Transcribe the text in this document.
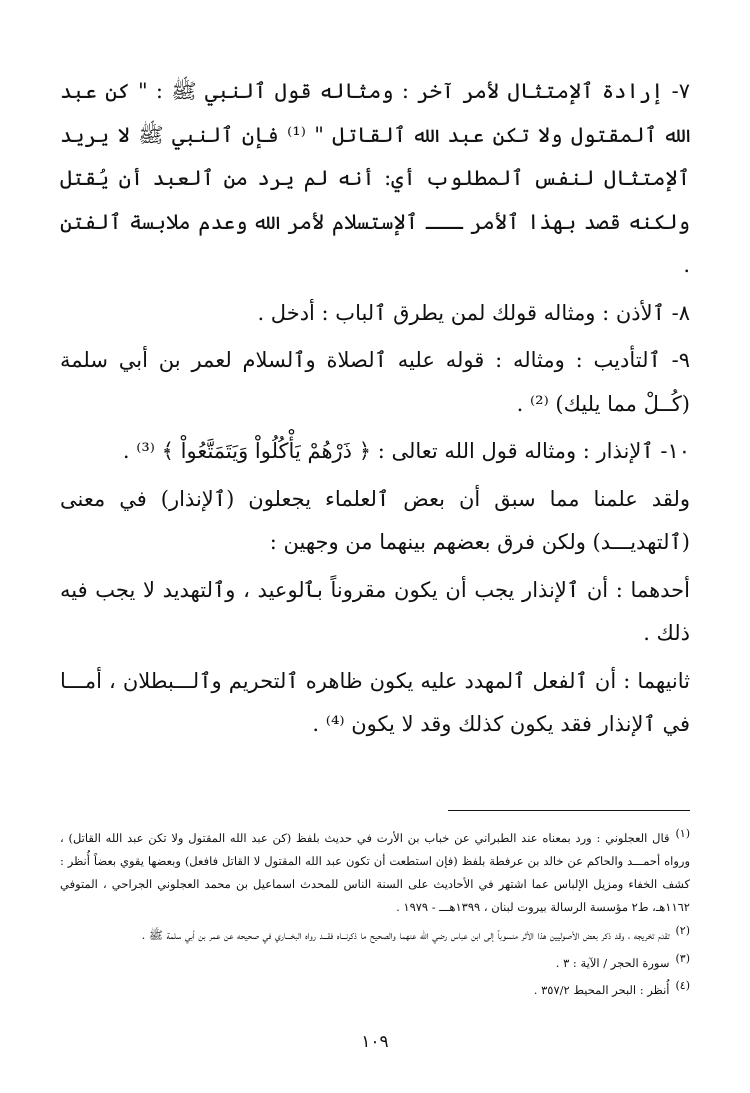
٧- إرادة ٱلإمتثال لأمر آخر : ومثاله قول ٱلنبي ﷺ : " كن عبد الله ٱلمقتول ولا تكن عبد الله ٱلقاتل " ⁽¹⁾ فإن ٱلنبي ﷺ لا يريد ٱلإمتثال لنفس ٱلمطلوب أي: أنه لم يرد من ٱلعبد أن يُقتل ولكنه قصد بهذا ٱلأمر ـــ ٱلإستسلام لأمر الله وعدم ملابسة ٱلفتن .

٨- ٱلأذن : ومثاله قولك لمن يطرق ٱلباب : أدخل .

٩- ٱلتأديب : ومثاله : قوله عليه ٱلصلاة وٱلسلام لعمر بن أبي سلمة (كُــلْ مما يليك) ⁽²⁾ .

١٠- ٱلإنذار : ومثاله قول الله تعالى : ﴿ ذَرْهُمْ يَأْكُلُواْ وَيَتَمَتَّعُواْ ﴾ ⁽³⁾ .

ولقد علمنا مما سبق أن بعض ٱلعلماء يجعلون (ٱلإنذار) في معنى (ٱلتهديـــد) ولكن فرق بعضهم بينهما من وجهين :

أحدهما : أن ٱلإنذار يجب أن يكون مقروناً بٱلوعيد ، وٱلتهديد لا يجب فيه ذلك .

ثانيهما : أن ٱلفعل ٱلمهدد عليه يكون ظاهره ٱلتحريم وٱلـــبطلان ، أمـــا في ٱلإنذار فقد يكون كذلك وقد لا يكون ⁽⁴⁾ .

(١)قال العجلوني : ورد بمعناه عند الطبراني عن خباب بن الأرت في حديث بلفظ (كن عبد الله المقتول ولا تكن عبد الله القاتل) ، ورواه أحمـــد والحاكم عن خالد بن عرفطة بلفظ (فإن استطعت أن تكون عبد الله المقتول لا القاتل فافعل) وبعضها يقوي بعضاً أُنظر : كشف الخفاء ومزيل الإلباس عما اشتهر في الأحاديث على السنة الناس للمحدث اسماعيل بن محمد العجلوني الجراحي ، المتوفي ١١٦٢هـ، ط٢ مؤسسة الرسالة بيروت لبنان ، ١٣٩٩هـــ - ١٩٧٩ .

(٢)تقدم تخريجه ، وقد ذكر بعض الأصوليين هذا الأثر منسوباً إلى ابن عباس رضي الله عنهما والصحيح ما ذكرنـــاه فقـــد رواه البخـــاري في صحيحه عن عمر بن أبي سلمة ﷺ .

(٣)سورة الحجر / الآية : ٣ .

(٤)أُنظر : البحر المحيط ٣٥٧/٢ .

١٠٩
